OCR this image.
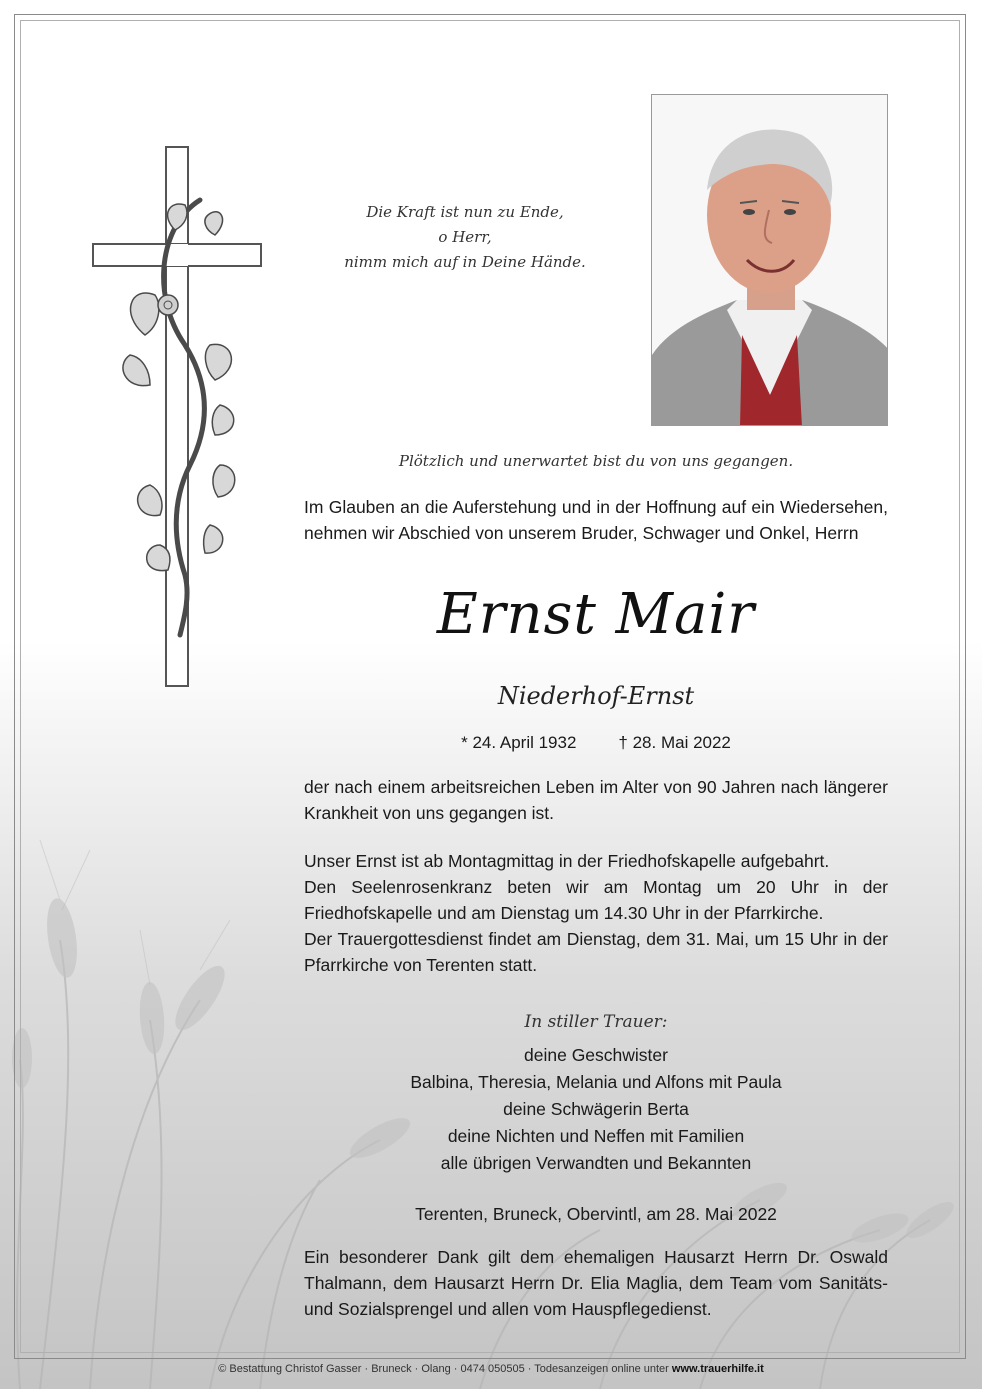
Die Kraft ist nun zu Ende,
o Herr,
nimm mich auf in Deine Hände.
Plötzlich und unerwartet bist du von uns gegangen.
Im Glauben an die Auferstehung und in der Hoffnung auf ein Wiedersehen, nehmen wir Abschied von unserem Bruder, Schwager und Onkel, Herrn
Ernst Mair
Niederhof-Ernst
* 24. April 1932 † 28. Mai 2022
der nach einem arbeitsreichen Leben im Alter von 90 Jahren nach längerer Krankheit von uns gegangen ist.
Unser Ernst ist ab Montagmittag in der Friedhofskapelle aufgebahrt.
Den Seelenrosenkranz beten wir am Montag um 20 Uhr in der Friedhofskapelle und am Dienstag um 14.30 Uhr in der Pfarrkirche.
Der Trauergottesdienst findet am Dienstag, dem 31. Mai, um 15 Uhr in der Pfarrkirche von Terenten statt.
In stiller Trauer:
deine Geschwister
Balbina, Theresia, Melania und Alfons mit Paula
deine Schwägerin Berta
deine Nichten und Neffen mit Familien
alle übrigen Verwandten und Bekannten
Terenten, Bruneck, Obervintl, am 28. Mai 2022
Ein besonderer Dank gilt dem ehemaligen Hausarzt Herrn Dr. Oswald Thalmann, dem Hausarzt Herrn Dr. Elia Maglia, dem Team vom Sanitäts- und Sozialsprengel und allen vom Hauspflegedienst.
© Bestattung Christof Gasser · Bruneck · Olang · 0474 050505 · Todesanzeigen online unter www.trauerhilfe.it
